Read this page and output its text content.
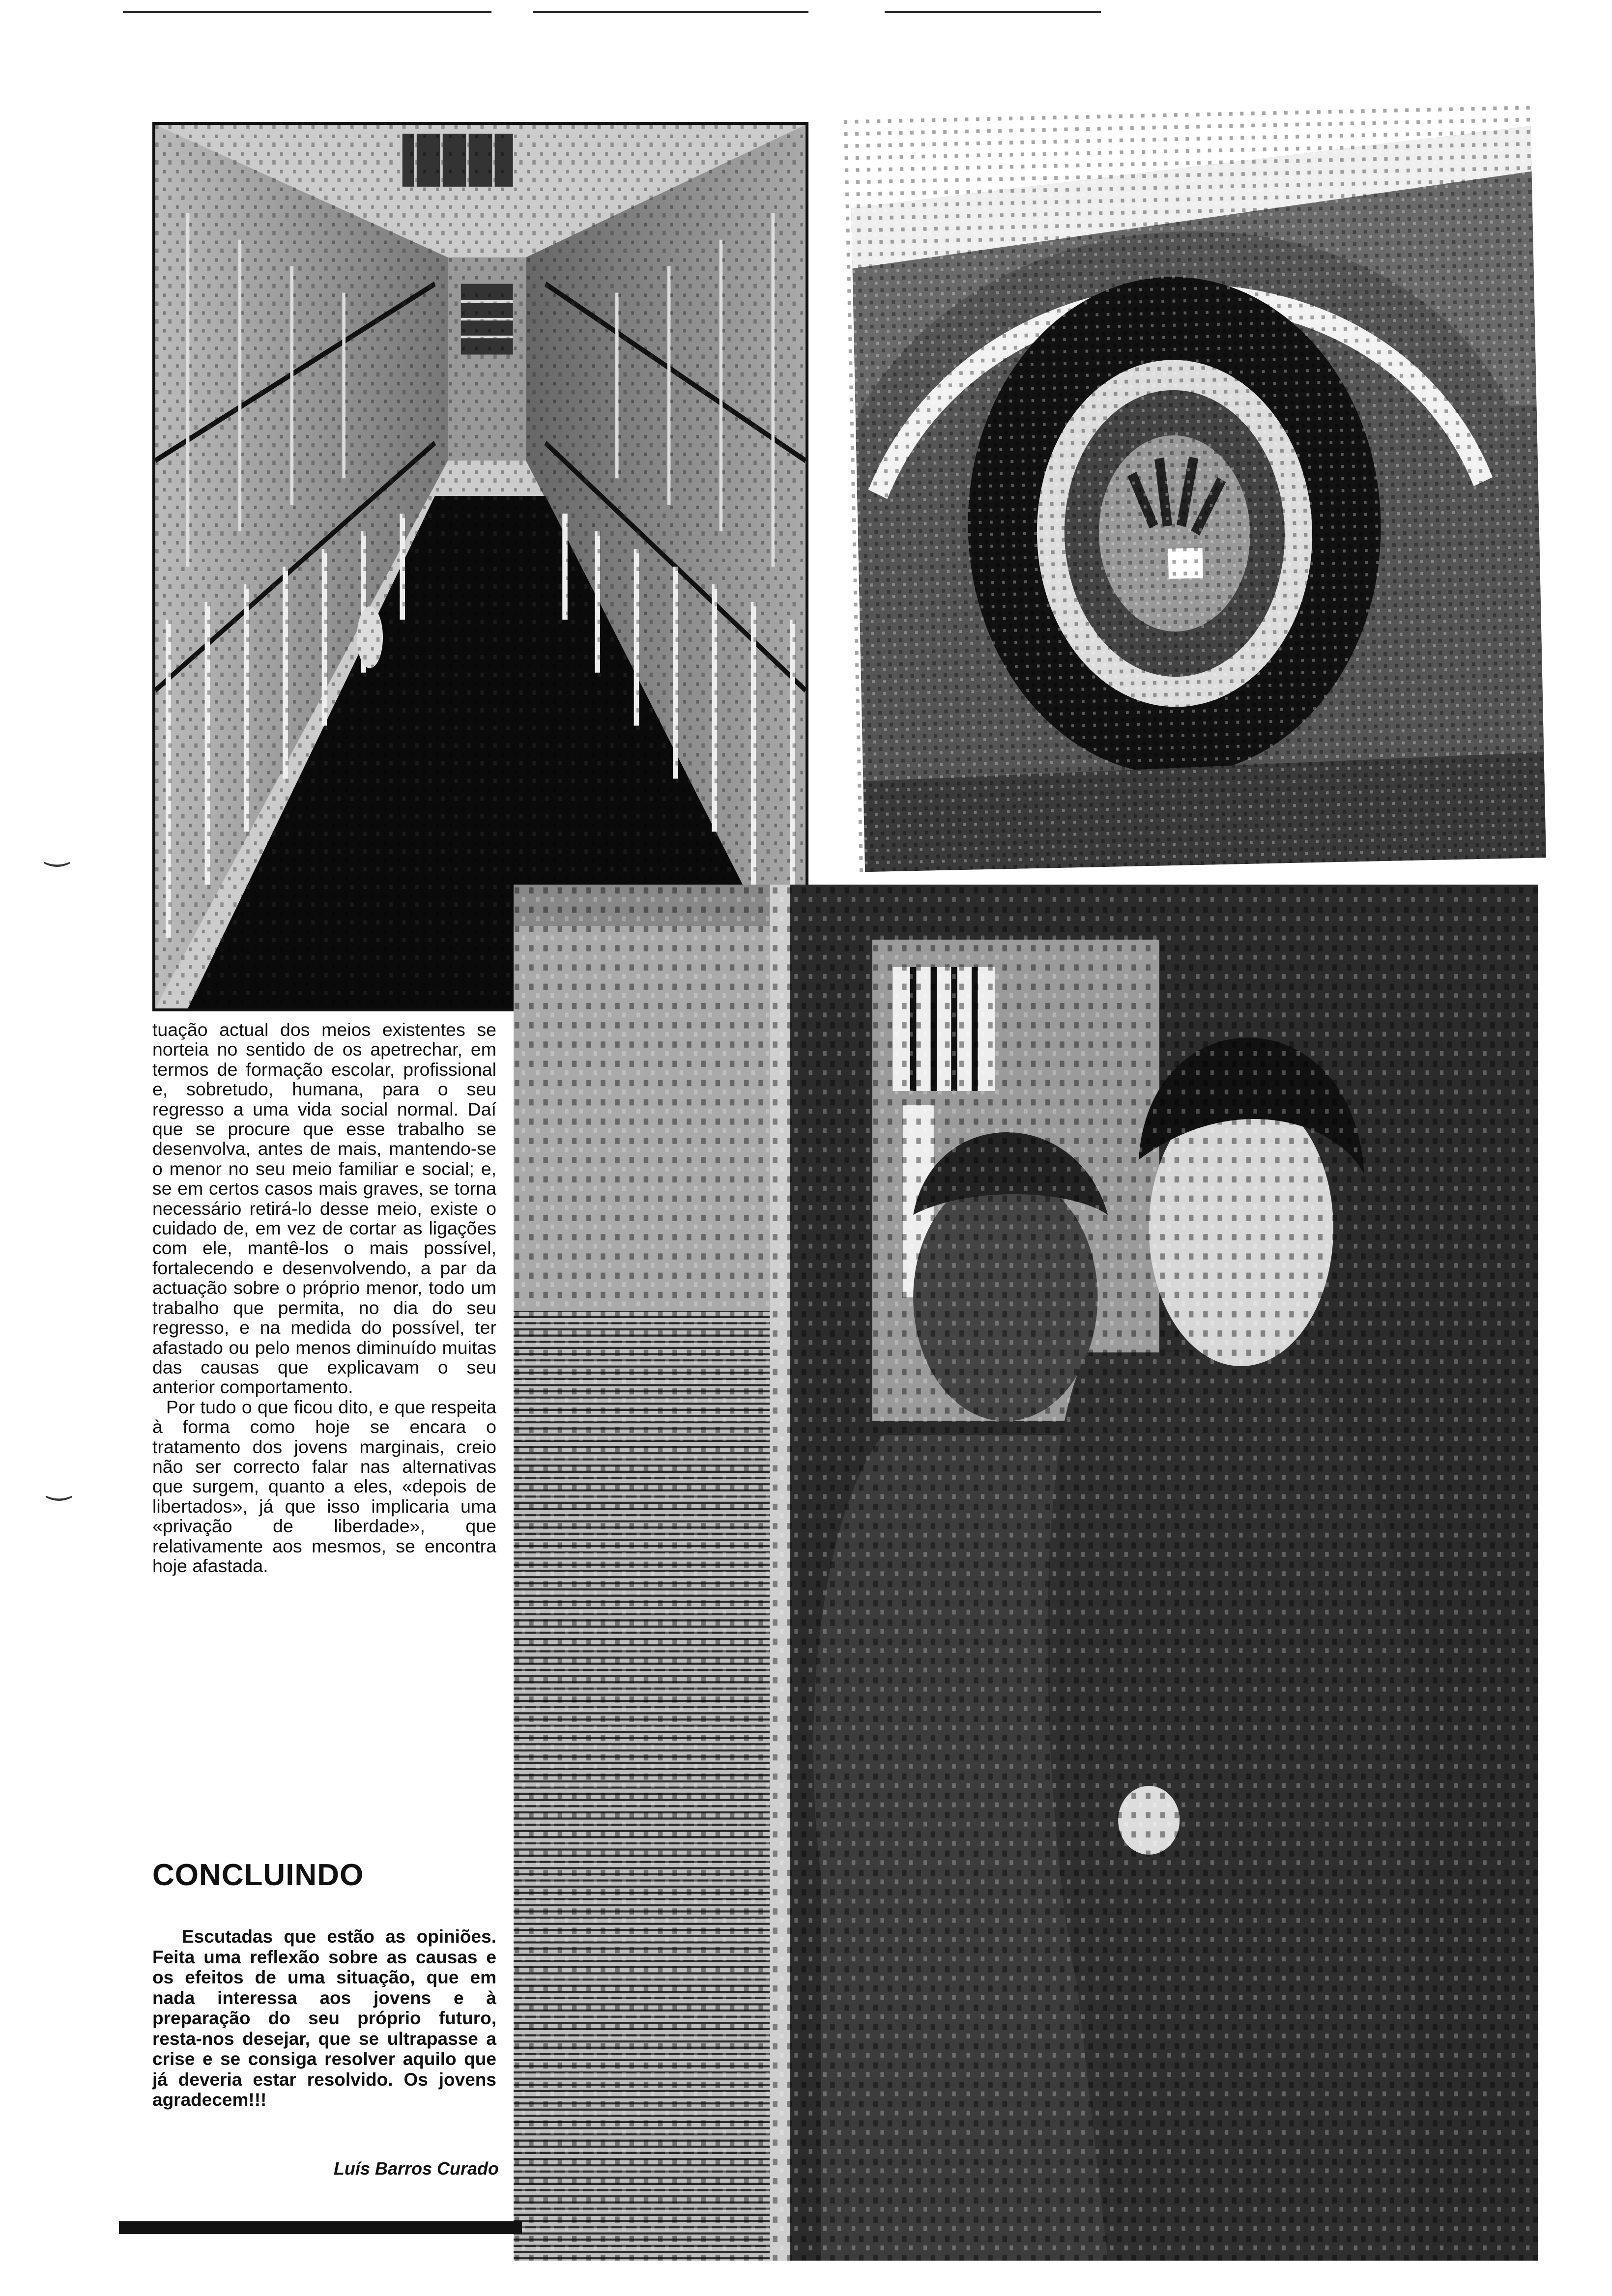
tuação actual dos meios existentes se norteia no sentido de os apetrechar, em termos de formação escolar, profissional e, sobretudo, humana, para o seu regresso a uma vida social normal. Daí que se procure que esse trabalho se desenvolva, antes de mais, mantendo-se o menor no seu meio familiar e social; e, se em certos casos mais graves, se torna necessário retirá-lo desse meio, existe o cuidado de, em vez de cortar as ligações com ele, mantê-los o mais possível, fortalecendo e desenvolvendo, a par da actuação sobre o próprio menor, todo um trabalho que permita, no dia do seu regresso, e na medida do possível, ter afastado ou pelo menos diminuído muitas das causas que explicavam o seu anterior comportamento.

Por tudo o que ficou dito, e que respeita à forma como hoje se encara o tratamento dos jovens marginais, creio não ser correcto falar nas alternativas que surgem, quanto a eles, «depois de libertados», já que isso implicaria uma «privação de liberdade», que relativamente aos mesmos, se encontra hoje afastada.

CONCLUINDO

Escutadas que estão as opiniões. Feita uma reflexão sobre as causas e os efeitos de uma situação, que em nada interessa aos jovens e à preparação do seu próprio futuro, resta-nos desejar, que se ultrapasse a crise e se consiga resolver aquilo que já deveria estar resolvido. Os jovens agradecem!!!

Luís Barros Curado

‿
‿
